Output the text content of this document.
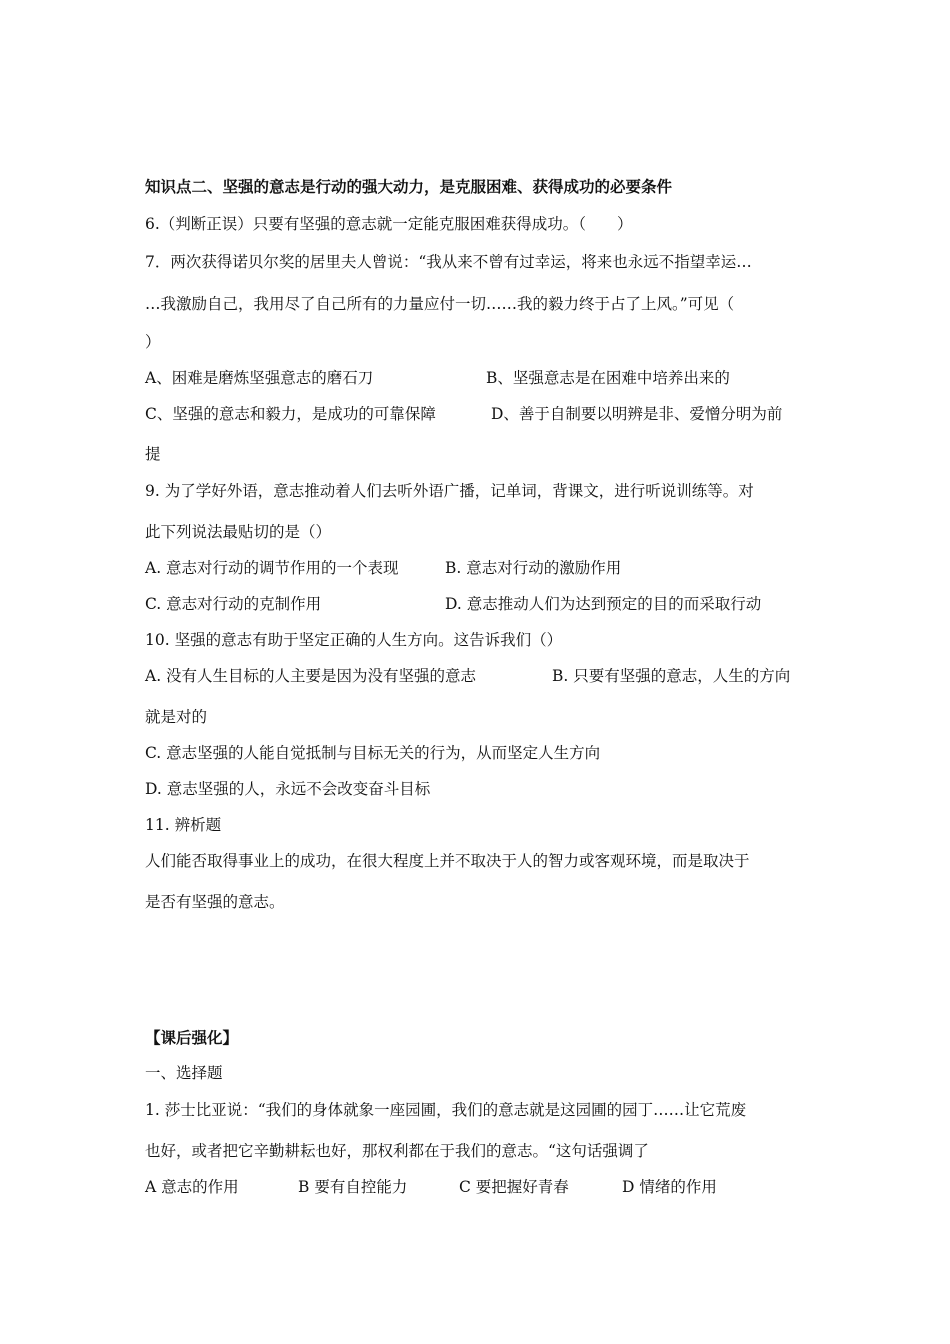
知识点二、坚强的意志是行动的强大动力，是克服困难、获得成功的必要条件
6.（判断正误）只要有坚强的意志就一定能克服困难获得成功。（　　）
7．两次获得诺贝尔奖的居里夫人曾说：“我从来不曾有过幸运，将来也永远不指望幸运…
…我激励自己，我用尽了自己所有的力量应付一切……我的毅力终于占了上风。”可见（
）
A、困难是磨炼坚强意志的磨石刀	B、坚强意志是在困难中培养出来的
C、坚强的意志和毅力，是成功的可靠保障	D、善于自制要以明辨是非、爱憎分明为前
提
9. 为了学好外语，意志推动着人们去听外语广播，记单词，背课文，进行听说训练等。对
此下列说法最贴切的是（）
A. 意志对行动的调节作用的一个表现	B. 意志对行动的激励作用
C. 意志对行动的克制作用	D. 意志推动人们为达到预定的目的而采取行动
10. 坚强的意志有助于坚定正确的人生方向。这告诉我们（）
A. 没有人生目标的人主要是因为没有坚强的意志	B. 只要有坚强的意志，人生的方向
就是对的
C. 意志坚强的人能自觉抵制与目标无关的行为，从而坚定人生方向
D. 意志坚强的人，永远不会改变奋斗目标
11. 辨析题
人们能否取得事业上的成功，在很大程度上并不取决于人的智力或客观环境，而是取决于
是否有坚强的意志。
【课后强化】
一、选择题
1. 莎士比亚说：“我们的身体就象一座园圃，我们的意志就是这园圃的园丁……让它荒废
也好，或者把它辛勤耕耘也好，那权利都在于我们的意志。“这句话强调了
A 意志的作用	B 要有自控能力	C 要把握好青春	D 情绪的作用
